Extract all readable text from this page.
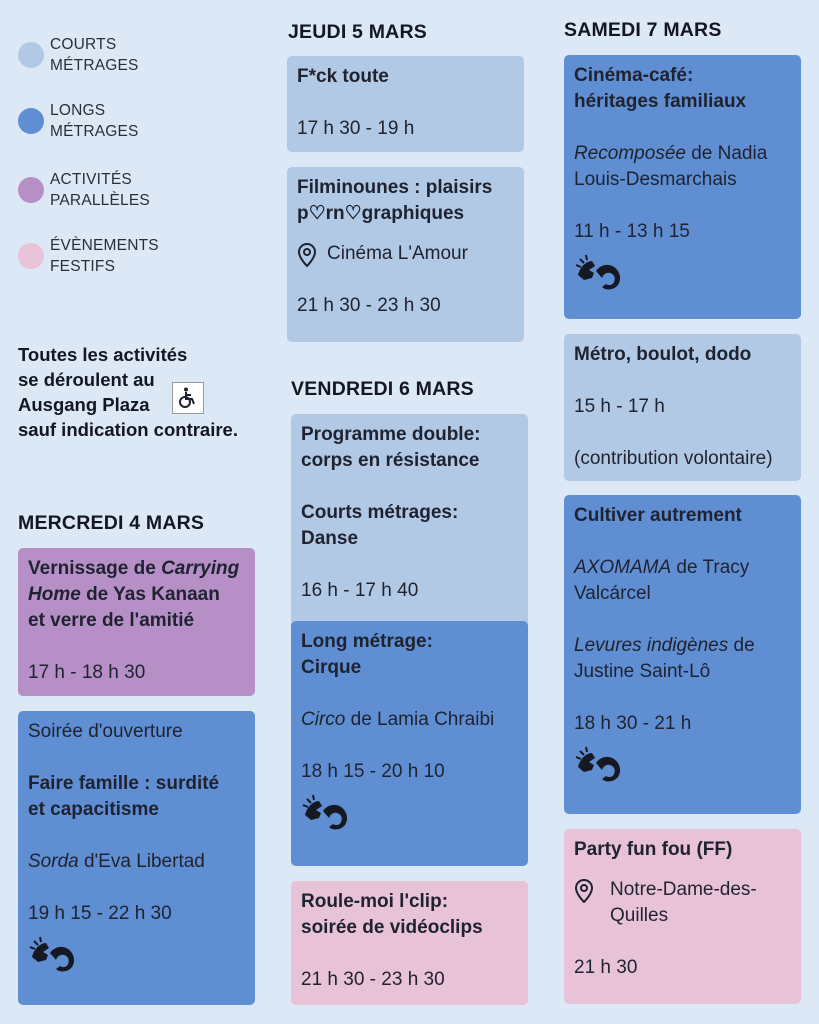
COURTS
MÉTRAGES
LONGS
MÉTRAGES
ACTIVITÉS
PARALLÈLES
ÉVÈNEMENTS
FESTIFS
Toutes les activités
se déroulent au
Ausgang Plaza
sauf indication contraire.
MERCREDI 4 MARS
JEUDI 5 MARS
VENDREDI 6 MARS
SAMEDI 7 MARS
Vernissage de Carrying
Home de Yas Kanaan
et verre de l'amitié
17 h - 18 h 30
Soirée d'ouverture
Faire famille : surdité
et capacitisme
Sorda d'Eva Libertad
19 h 15 - 22 h 30
F*ck toute
17 h 30 - 19 h
Filminounes : plaisirs
p♡rn♡graphiques
Cinéma L'Amour
21 h 30 - 23 h 30
Programme double:
corps en résistance
Courts métrages:
Danse
16 h - 17 h 40
Long métrage:
Cirque
Circo de Lamia Chraibi
18 h 15 - 20 h 10
Roule-moi l'clip:
soirée de vidéoclips
21 h 30 - 23 h 30
Cinéma-café:
héritages familiaux
Recomposée de Nadia
Louis-Desmarchais
11 h - 13 h 15
Métro, boulot, dodo
15 h - 17 h
(contribution volontaire)
Cultiver autrement
AXOMAMA de Tracy
Valcárcel
Levures indigènes de
Justine Saint-Lô
18 h 30 - 21 h
Party fun fou (FF)
Notre-Dame-des-
Quilles
21 h 30
